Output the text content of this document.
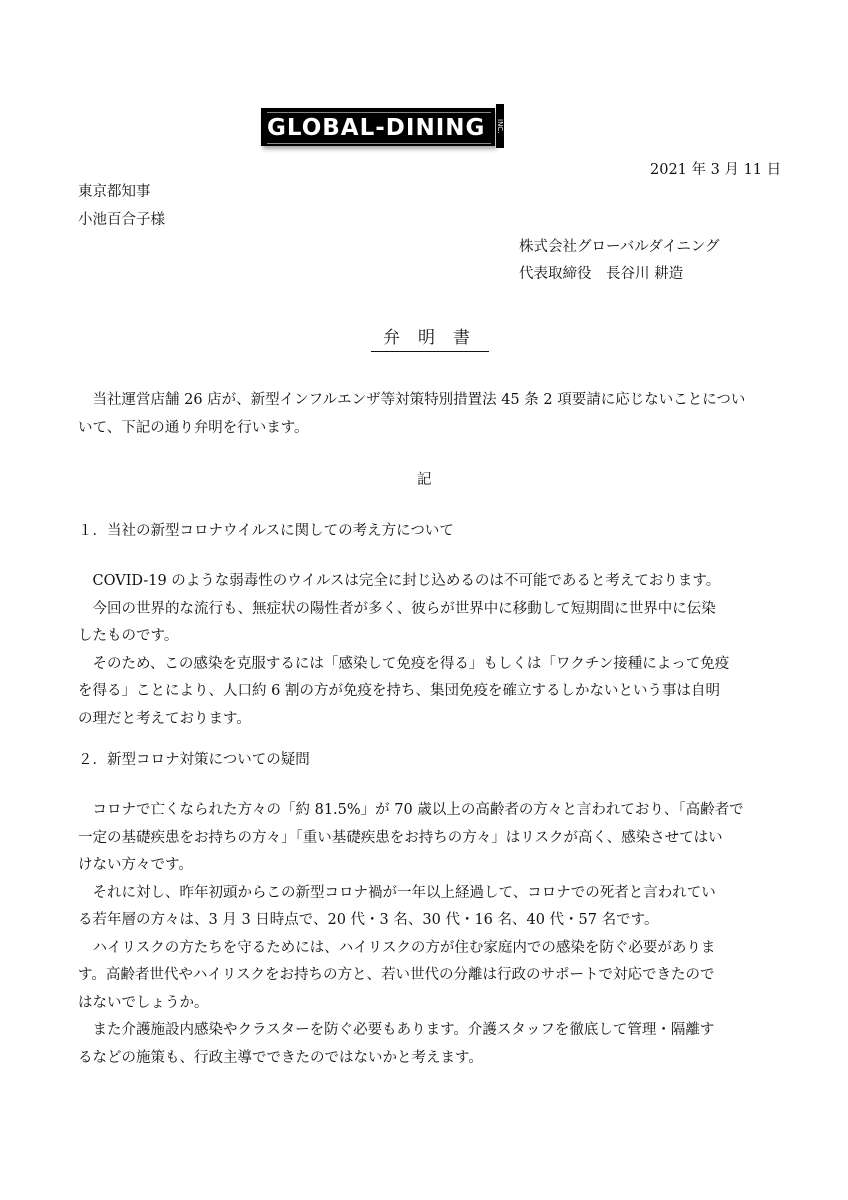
GLOBAL-DINING	INC.
2021 年 3 月 11 日
東京都知事
小池百合子様
株式会社グローバルダイニング
代表取締役　長谷川 耕造
弁明書
　当社運営店舗 26 店が、新型インフルエンザ等対策特別措置法 45 条 2 項要請に応じないことについ
いて、下記の通り弁明を行います。
記
１．当社の新型コロナウイルスに関しての考え方について
　COVID-19 のような弱毒性のウイルスは完全に封じ込めるのは不可能であると考えております。
　今回の世界的な流行も、無症状の陽性者が多く、彼らが世界中に移動して短期間に世界中に伝染
したものです。
　そのため、この感染を克服するには「感染して免疫を得る」もしくは「ワクチン接種によって免疫
を得る」ことにより、人口約 6 割の方が免疫を持ち、集団免疫を確立するしかないという事は自明
の理だと考えております。
２．新型コロナ対策についての疑問
　コロナで亡くなられた方々の「約 81.5%」が 70 歳以上の高齢者の方々と言われており、「高齢者で
一定の基礎疾患をお持ちの方々」「重い基礎疾患をお持ちの方々」はリスクが高く、感染させてはい
けない方々です。
　それに対し、昨年初頭からこの新型コロナ禍が一年以上経過して、コロナでの死者と言われてい
る若年層の方々は、3 月 3 日時点で、20 代・3 名、30 代・16 名、40 代・57 名です。
　ハイリスクの方たちを守るためには、ハイリスクの方が住む家庭内での感染を防ぐ必要がありま
す。高齢者世代やハイリスクをお持ちの方と、若い世代の分離は行政のサポートで対応できたので
はないでしょうか。
　また介護施設内感染やクラスターを防ぐ必要もあります。介護スタッフを徹底して管理・隔離す
るなどの施策も、行政主導でできたのではないかと考えます。
